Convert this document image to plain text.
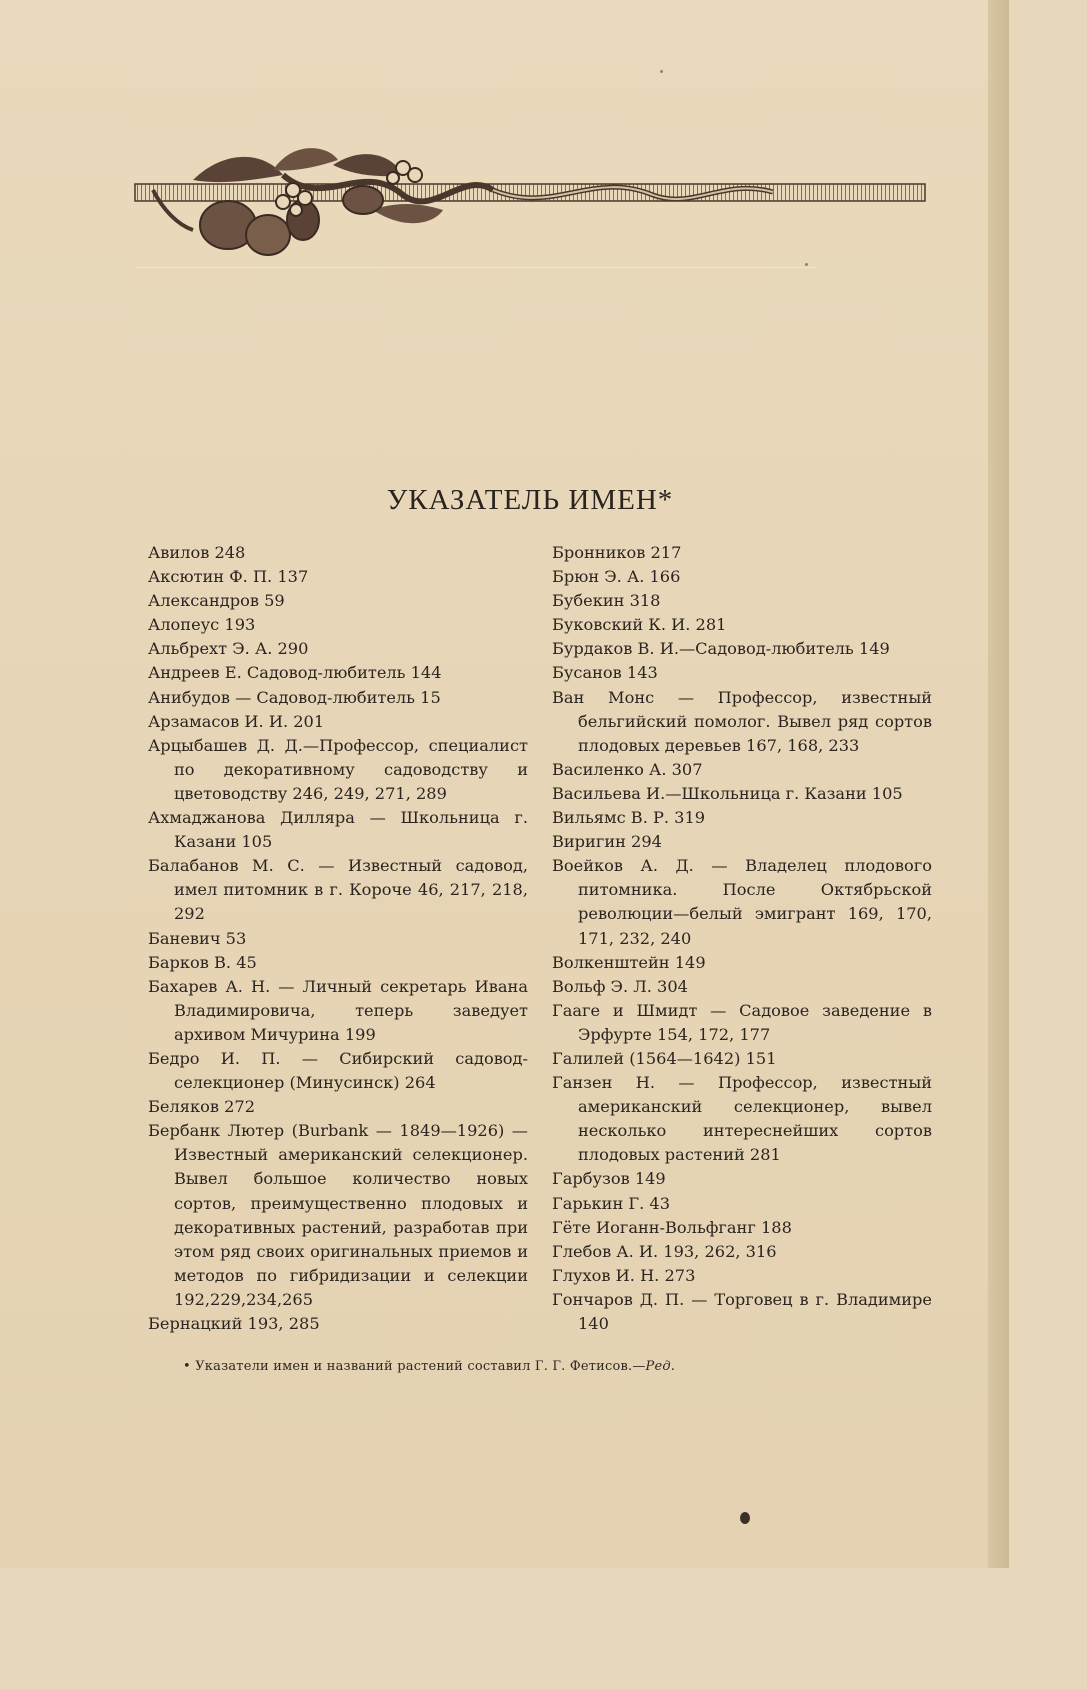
УКАЗАТЕЛЬ ИМЕН*
Авилов 248
Аксютин Ф. П. 137
Александров 59
Алопеус 193
Альбрехт Э. А. 290
Андреев Е. Садовод-любитель 144
Анибудов — Садовод-любитель 15
Арзамасов И. И. 201
Арцыбашев Д. Д.—Профессор, специалист по декоративному садоводству и цветоводству 246, 249, 271, 289
Ахмаджанова Дилляра — Школьница г. Казани 105
Балабанов М. С. — Известный садовод, имел питомник в г. Короче 46, 217, 218, 292
Баневич 53
Барков В. 45
Бахарев А. Н. — Личный секретарь Ивана Владимировича, теперь заведует архивом Мичурина 199
Бедро И. П. — Сибирский садовод-селекционер (Минусинск) 264
Беляков 272
Бербанк Лютер (Burbank — 1849—1926) — Известный американский селекционер. Вывел большое количество новых сортов, преимущественно плодовых и декоративных растений, разработав при этом ряд своих оригинальных приемов и методов по гибридизации и селекции 192,229,234,265
Бернацкий 193, 285
Бронников 217
Брюн Э. А. 166
Бубекин 318
Буковский К. И. 281
Бурдаков В. И.—Садовод-любитель 149
Бусанов 143
Ван Монс — Профессор, известный бельгийский помолог. Вывел ряд сортов плодовых деревьев 167, 168, 233
Василенко А. 307
Васильева И.—Школьница г. Казани 105
Вильямс В. Р. 319
Виригин 294
Воейков А. Д. — Владелец плодового питомника. После Октябрьской революции—белый эмигрант 169, 170, 171, 232, 240
Волкенштейн 149
Вольф Э. Л. 304
Гааге и Шмидт — Садовое заведение в Эрфурте 154, 172, 177
Галилей (1564—1642) 151
Ганзен Н. — Профессор, известный американский селекционер, вывел несколько интереснейших сортов плодовых растений 281
Гарбузов 149
Гарькин Г. 43
Гёте Иоганн-Вольфганг 188
Глебов А. И. 193, 262, 316
Глухов И. Н. 273
Гончаров Д. П. — Торговец в г. Владимире 140
• Указатели имен и названий растений составил Г. Г. Фетисов.—Ред.
